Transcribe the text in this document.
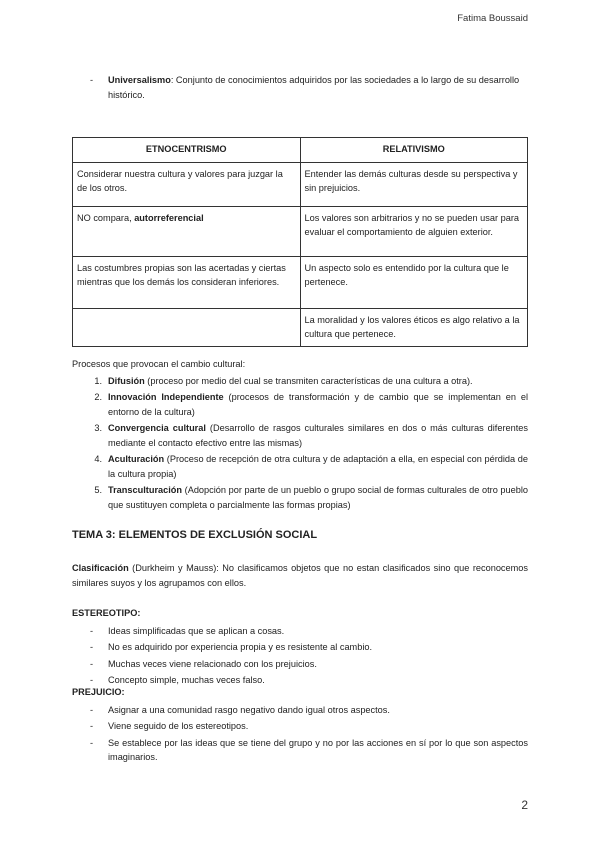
Fatima Boussaid
-	Universalismo: Conjunto de conocimientos adquiridos por las sociedades a lo largo de su desarrollo histórico.
ETNOCENTRISMO	RELATIVISMO
Considerar nuestra cultura y valores para juzgar la de los otros.	Entender las demás culturas desde su perspectiva y sin prejuicios.
NO compara, autorreferencial	Los valores son arbitrarios y no se pueden usar para evaluar el comportamiento de alguien exterior.
Las costumbres propias son las acertadas y ciertas mientras que los demás los consideran inferiores.	Un aspecto solo es entendido por la cultura que le pertenece.
	La moralidad y los valores éticos es algo relativo a la cultura que pertenece.
Procesos que provocan el cambio cultural:
1. Difusión (proceso por medio del cual se transmiten características de una cultura a otra).
2. Innovación Independiente (procesos de transformación y de cambio que se implementan en el entorno de la cultura)
3. Convergencia cultural (Desarrollo de rasgos culturales similares en dos o más culturas diferentes mediante el contacto efectivo entre las mismas)
4. Aculturación (Proceso de recepción de otra cultura y de adaptación a ella, en especial con pérdida de la cultura propia)
5. Transculturación (Adopción por parte de un pueblo o grupo social de formas culturales de otro pueblo que sustituyen completa o parcialmente las formas propias)
TEMA 3: ELEMENTOS DE EXCLUSIÓN SOCIAL
Clasificación (Durkheim y Mauss): No clasificamos objetos que no estan clasificados sino que reconocemos similares suyos y los agrupamos con ellos.
ESTEREOTIPO:
-	Ideas simplificadas que se aplican a cosas.
-	No es adquirido por experiencia propia y es resistente al cambio.
-	Muchas veces viene relacionado con los prejuicios.
-	Concepto simple, muchas veces falso.
PREJUICIO:
-	Asignar a una comunidad rasgo negativo dando igual otros aspectos.
-	Viene seguido de los estereotipos.
-	Se establece por las ideas que se tiene del grupo y no por las acciones en sí por lo que son aspectos imaginarios.
2
